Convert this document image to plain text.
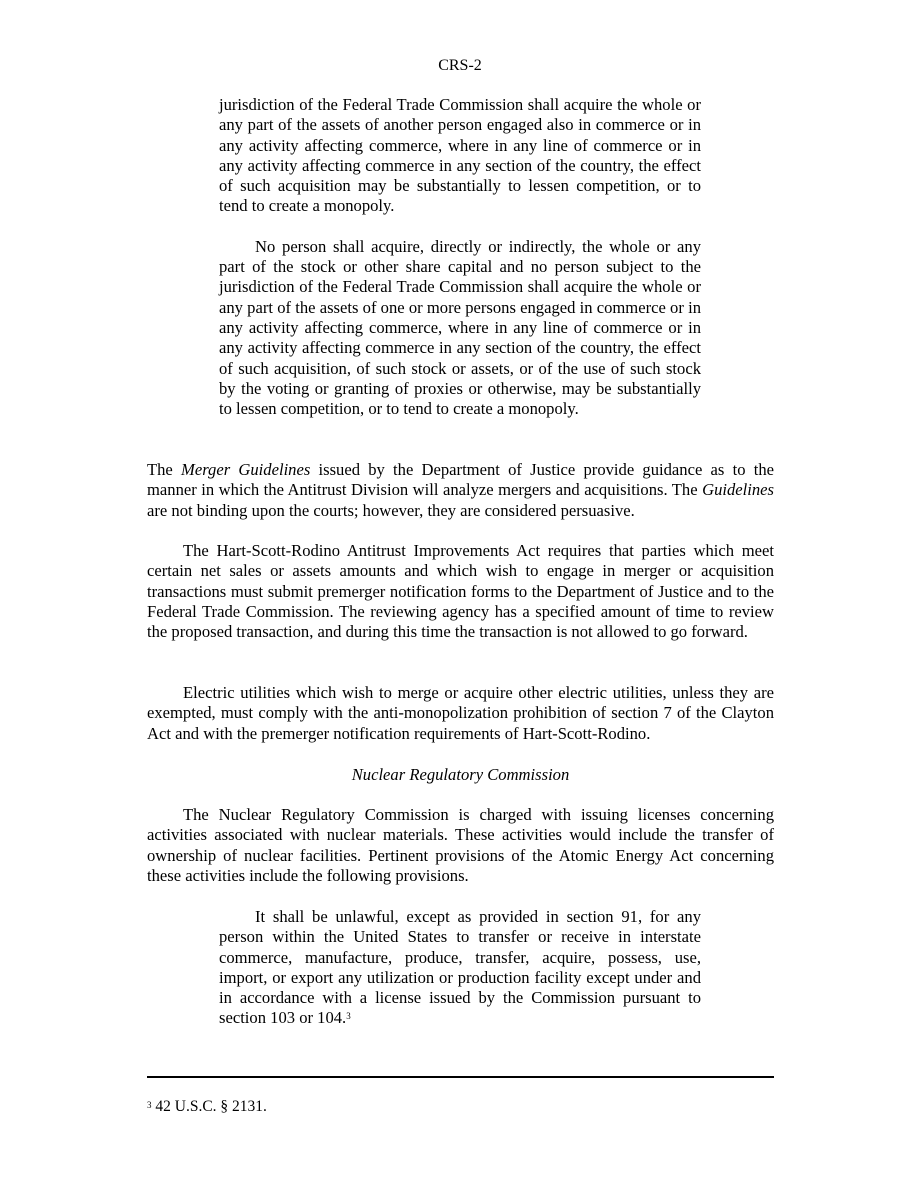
CRS-2
jurisdiction of the Federal Trade Commission shall acquire the whole or any part of the assets of another person engaged also in commerce or in any activity affecting commerce, where in any line of commerce or in any activity affecting commerce in any section of the country, the effect of such acquisition may be substantially to lessen competition, or to tend to create a monopoly.
No person shall acquire, directly or indirectly, the whole or any part of the stock or other share capital and no person subject to the jurisdiction of the Federal Trade Commission shall acquire the whole or any part of the assets of one or more persons engaged in commerce or in any activity affecting commerce, where in any line of commerce or in any activity affecting commerce in any section of the country, the effect of such acquisition, of such stock or assets, or of the use of such stock by the voting or granting of proxies or otherwise, may be substantially to lessen competition, or to tend to create a monopoly.
The Merger Guidelines issued by the Department of Justice provide guidance as to the manner in which the Antitrust Division will analyze mergers and acquisitions. The Guidelines are not binding upon the courts; however, they are considered persuasive.
The Hart-Scott-Rodino Antitrust Improvements Act requires that parties which meet certain net sales or assets amounts and which wish to engage in merger or acquisition transactions must submit premerger notification forms to the Department of Justice and to the Federal Trade Commission. The reviewing agency has a specified amount of time to review the proposed transaction, and during this time the transaction is not allowed to go forward.
Electric utilities which wish to merge or acquire other electric utilities, unless they are exempted, must comply with the anti-monopolization prohibition of section 7 of the Clayton Act and with the premerger notification requirements of Hart-Scott-Rodino.
Nuclear Regulatory Commission
The Nuclear Regulatory Commission is charged with issuing licenses concerning activities associated with nuclear materials. These activities would include the transfer of ownership of nuclear facilities. Pertinent provisions of the Atomic Energy Act concerning these activities include the following provisions.
It shall be unlawful, except as provided in section 91, for any person within the United States to transfer or receive in interstate commerce, manufacture, produce, transfer, acquire, possess, use, import, or export any utilization or production facility except under and in accordance with a license issued by the Commission pursuant to section 103 or 104.$^3$
$^3$ 42 U.S.C. § 2131.
